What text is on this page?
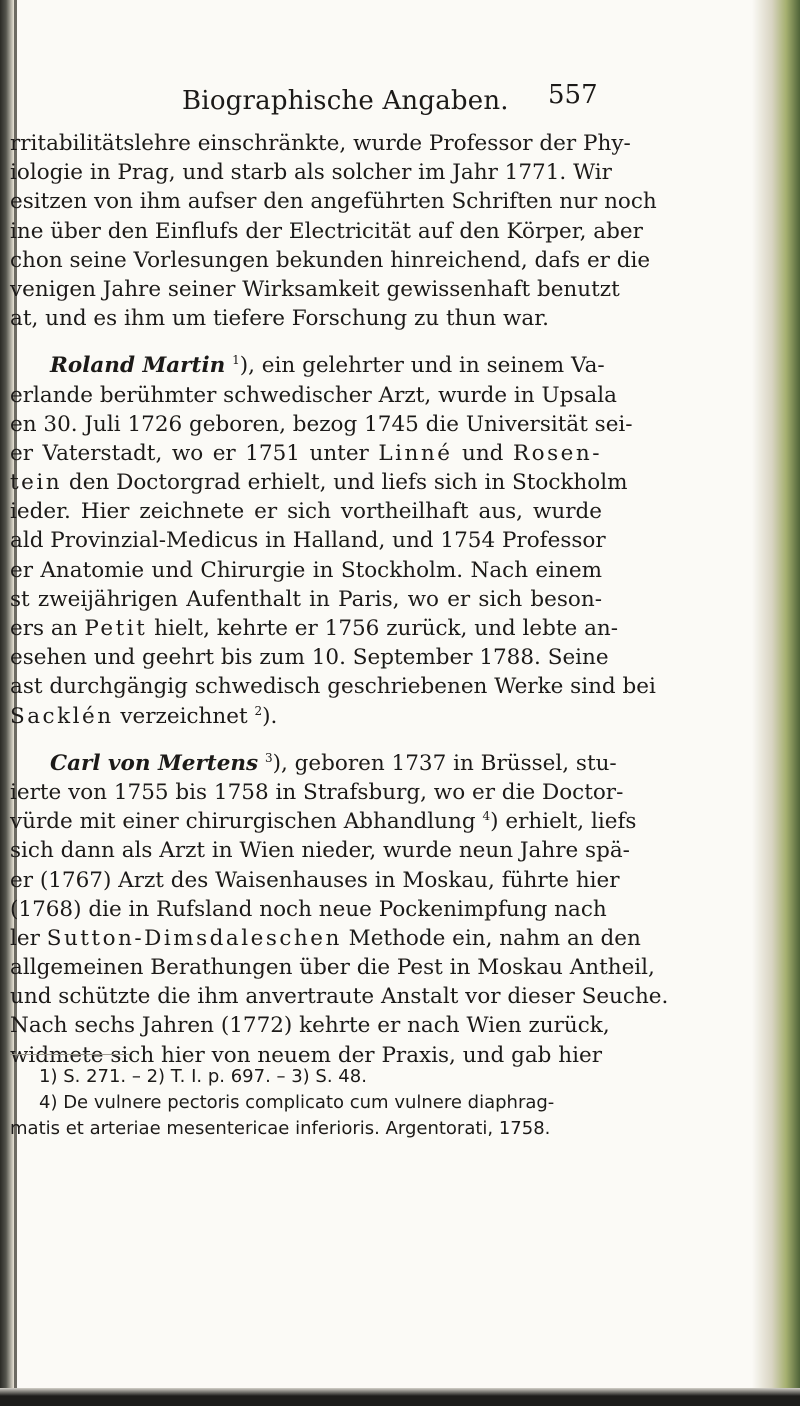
Biographische Angaben. 557
rritabilitätslehre einschränkte, wurde Professor der Phy-
iologie in Prag, und starb als solcher im Jahr 1771. Wir
esitzen von ihm aufser den angeführten Schriften nur noch
ine über den Einflufs der Electricität auf den Körper, aber
chon seine Vorlesungen bekunden hinreichend, dafs er die
venigen Jahre seiner Wirksamkeit gewissenhaft benutzt
at, und es ihm um tiefere Forschung zu thun war.
Roland Martin $^1$), ein gelehrter und in seinem Va-
erlande berühmter schwedischer Arzt, wurde in Upsala
en 30. Juli 1726 geboren, bezog 1745 die Universität sei-
er Vaterstadt, wo er 1751 unter Linné und Rosen-
tein den Doctorgrad erhielt, und liefs sich in Stockholm
ieder. Hier zeichnete er sich vortheilhaft aus, wurde
ald Provinzial-Medicus in Halland, und 1754 Professor
er Anatomie und Chirurgie in Stockholm. Nach einem
st zweijährigen Aufenthalt in Paris, wo er sich beson-
ers an Petit hielt, kehrte er 1756 zurück, und lebte an-
esehen und geehrt bis zum 10. September 1788. Seine
ast durchgängig schwedisch geschriebenen Werke sind bei
Sacklén verzeichnet $^2$).
Carl von Mertens $^3$), geboren 1737 in Brüssel, stu-
ierte von 1755 bis 1758 in Strafsburg, wo er die Doctor-
vürde mit einer chirurgischen Abhandlung $^4$) erhielt, liefs
sich dann als Arzt in Wien nieder, wurde neun Jahre spä-
er (1767) Arzt des Waisenhauses in Moskau, führte hier
(1768) die in Rufsland noch neue Pockenimpfung nach
ler Sutton-Dimsdaleschen Methode ein, nahm an den
allgemeinen Berathungen über die Pest in Moskau Antheil,
und schützte die ihm anvertraute Anstalt vor dieser Seuche.
Nach sechs Jahren (1772) kehrte er nach Wien zurück,
widmete sich hier von neuem der Praxis, und gab hier
1) S. 271. – 2) T. I. p. 697. – 3) S. 48.
4) De vulnere pectoris complicato cum vulnere diaphrag-
matis et arteriae mesentericae inferioris. Argentorati, 1758.
